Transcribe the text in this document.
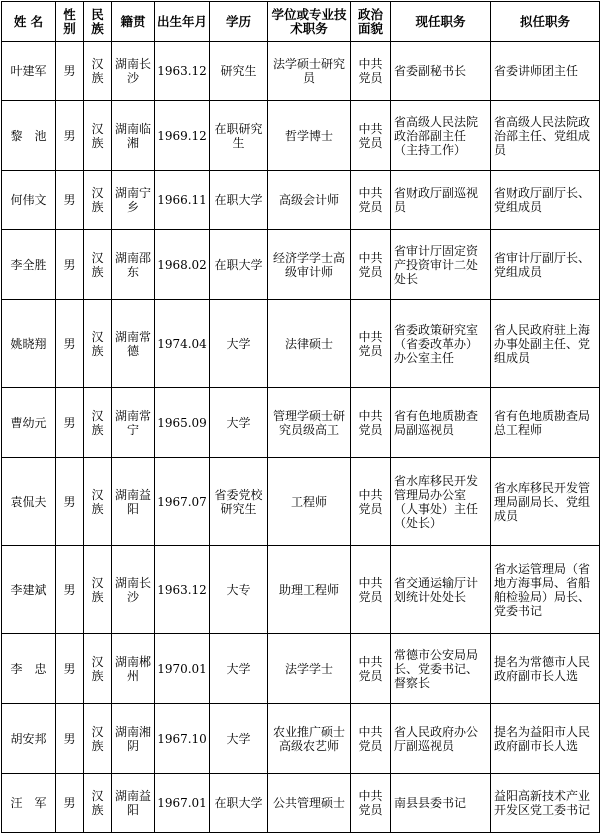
姓 名	性别	民族	籍贯	出生年月	学历	学位或专业技术职务	政治面貌	现任职务	拟任职务
叶建军	男	汉族	湖南长沙	1963.12	研究生	法学硕士研究员	中共党员	省委副秘书长	省委讲师团主任
黎　池	男	汉族	湖南临湘	1969.12	在职研究生	哲学博士	中共党员	省高级人民法院政治部副主任（主持工作）	省高级人民法院政治部主任、党组成员
何伟文	男	汉族	湖南宁乡	1966.11	在职大学	高级会计师	中共党员	省财政厅副巡视员	省财政厅副厅长、党组成员
李全胜	男	汉族	湖南邵东	1968.02	在职大学	经济学学士高级审计师	中共党员	省审计厅固定资产投资审计二处处长	省审计厅副厅长、党组成员
姚晓翔	男	汉族	湖南常德	1974.04	大学	法律硕士	中共党员	省委政策研究室（省委改革办）办公室主任	省人民政府驻上海办事处副主任、党组成员
曹幼元	男	汉族	湖南常宁	1965.09	大学	管理学硕士研究员级高工	中共党员	省有色地质勘查局副巡视员	省有色地质勘查局总工程师
袁侃夫	男	汉族	湖南益阳	1967.07	省委党校研究生	工程师	中共党员	省水库移民开发管理局办公室（人事处）主任（处长）	省水库移民开发管理局副局长、党组成员
李建斌	男	汉族	湖南长沙	1963.12	大专	助理工程师	中共党员	省交通运输厅计划统计处处长	省水运管理局（省地方海事局、省船舶检验局）局长、党委书记
李　忠	男	汉族	湖南郴州	1970.01	大学	法学学士	中共党员	常德市公安局局长、党委书记、督察长	提名为常德市人民政府副市长人选
胡安邦	男	汉族	湖南湘阴	1967.10	大学	农业推广硕士高级农艺师	中共党员	省人民政府办公厅副巡视员	提名为益阳市人民政府副市长人选
汪　军	男	汉族	湖南益阳	1967.01	在职大学	公共管理硕士	中共党员	南县县委书记	益阳高新技术产业开发区党工委书记
